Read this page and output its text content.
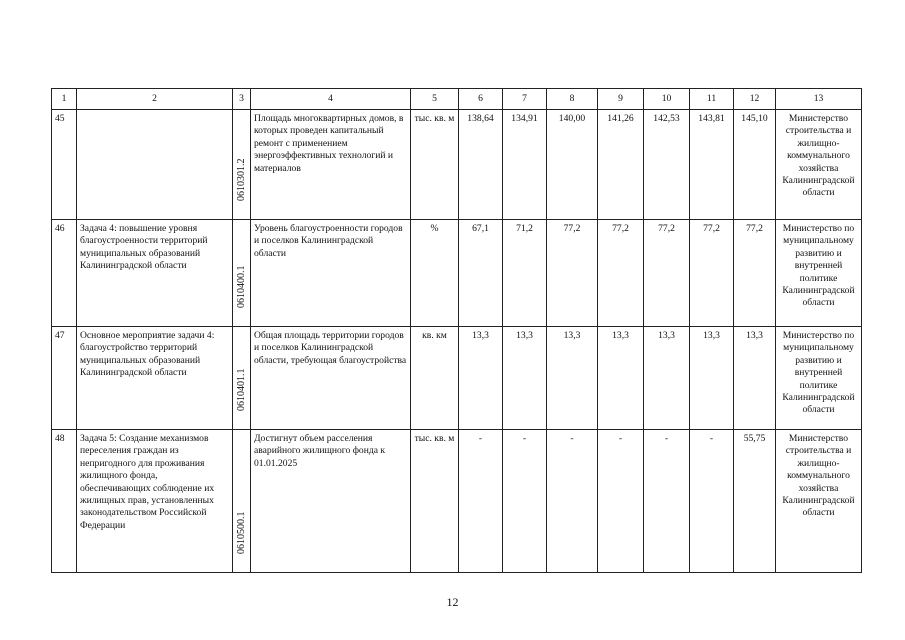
1	2	3	4	5	6	7	8	9	10	11	12	13
45		0610301.2	Площадь многоквартирных домов, в которых проведен капитальный ремонт с применением энергоэффективных технологий и материалов	тыс. кв. м	138,64	134,91	140,00	141,26	142,53	143,81	145,10	Министерство строительства и жилищно-коммунального хозяйства Калининградской области
46	Задача 4: повышение уровня благоустроенности территорий муниципальных образований Калининградской области	0610400.1	Уровень благоустроенности городов и поселков Калининградской области	%	67,1	71,2	77,2	77,2	77,2	77,2	77,2	Министерство по муниципальному развитию и внутренней политике Калининградской области
47	Основное мероприятие задачи 4: благоустройство территорий муниципальных образований Калининградской области	0610401.1	Общая площадь территории городов и поселков Калининградской области, требующая благоустройства	кв. км	13,3	13,3	13,3	13,3	13,3	13,3	13,3	Министерство по муниципальному развитию и внутренней политике Калининградской области
48	Задача 5: Создание механизмов переселения граждан из непригодного для проживания жилищного фонда, обеспечивающих соблюдение их жилищных прав, установленных законодательством Российской Федерации	0610500.1	Достигнут объем расселения аварийного жилищного фонда к 01.01.2025	тыс. кв. м	-	-	-	-	-	-	55,75	Министерство строительства и жилищно-коммунального хозяйства Калининградской области
12
